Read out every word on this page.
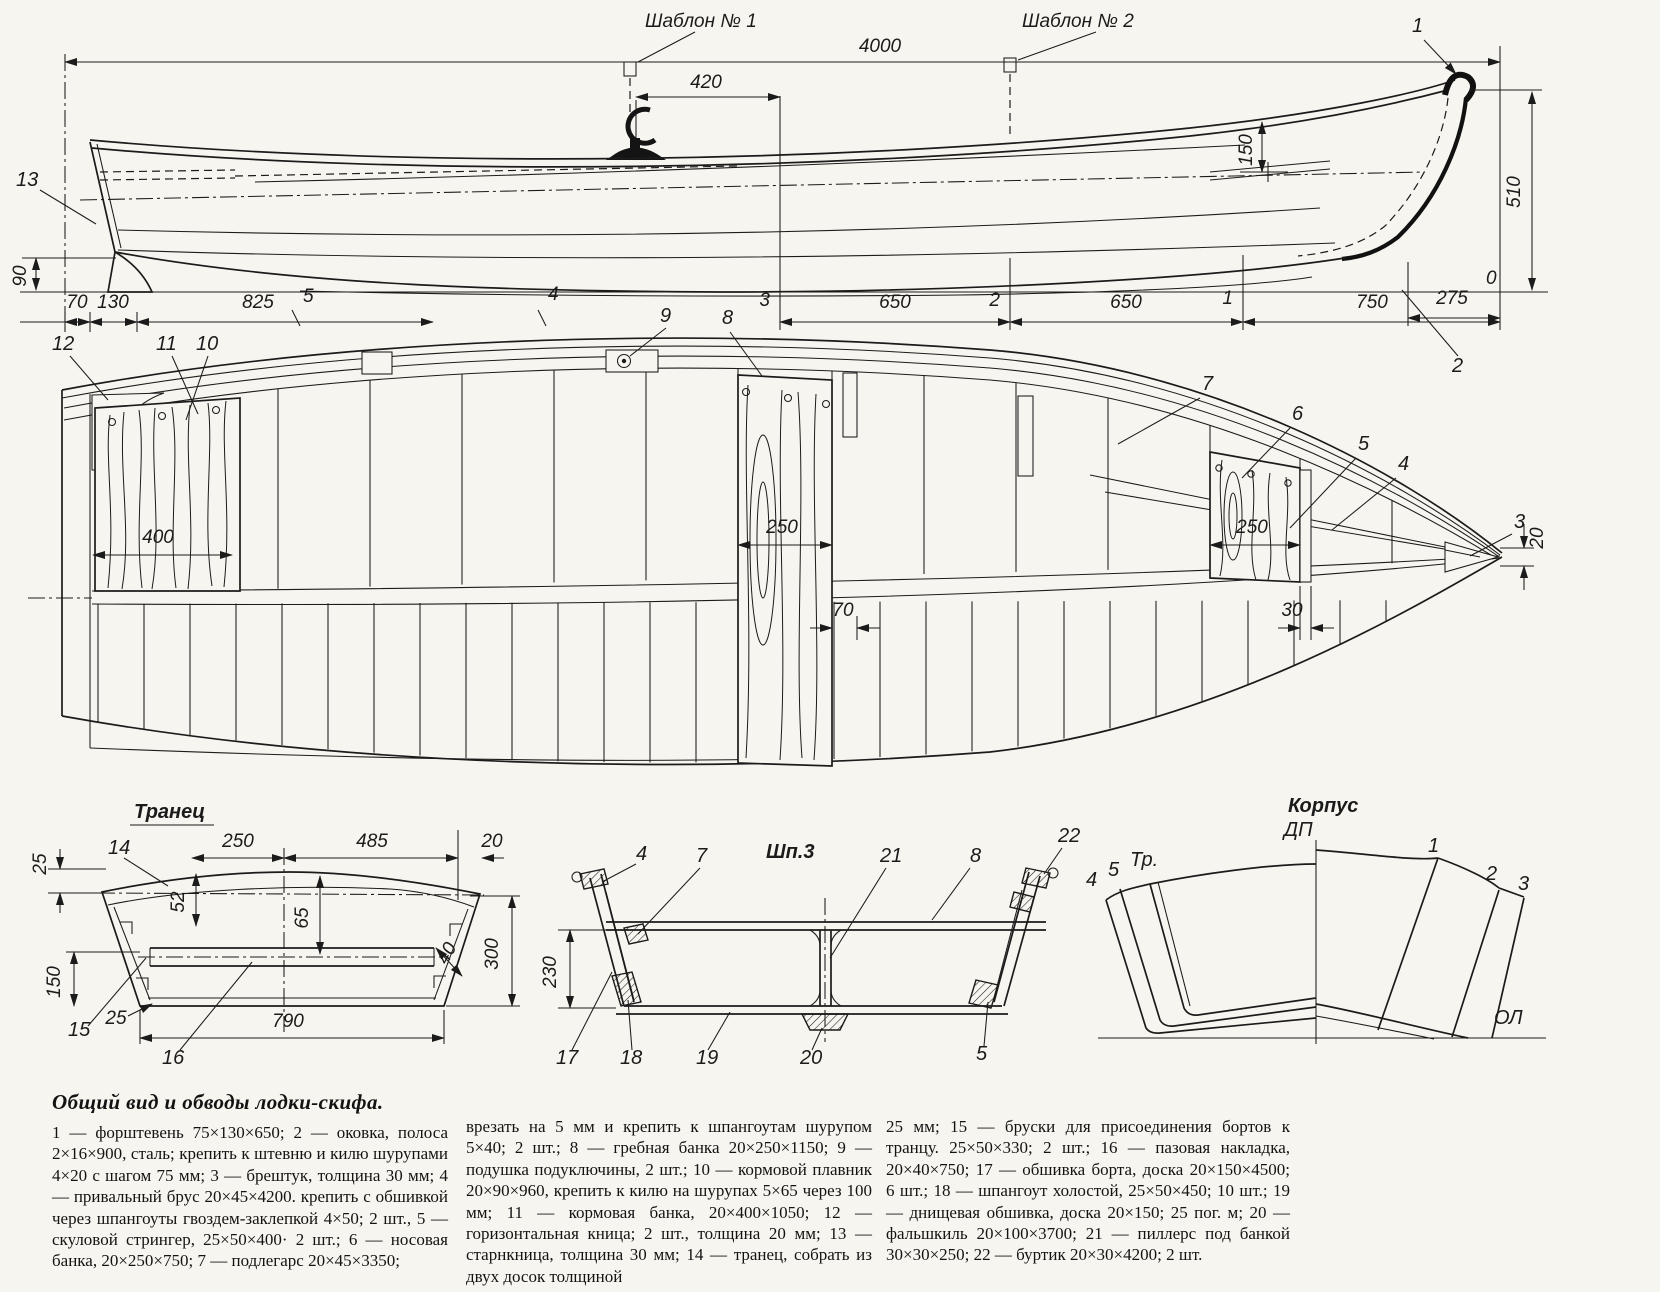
4000
Шаблон № 1	Шаблон № 2
420
0
150
510
90
70 130	825 5	4	650	650	750
3	2	1	275
13
1
2
400	250
70
250
30
20
12	11 10
9	8
7
6
5
4
3
Транец
25
250	485	20
52
65
150
300
40
25	790
14
15
16
Шп.3
230
4 7	21	8
22
17 18	19	20	5
Корпус
ДП
ОЛ
4 5 Тр.
1
2 3
Общий вид и обводы лодки-скифа.
1 — форштевень 75×130×650; 2 — оковка, полоса 2×16×900, сталь; крепить к штевню и килю шурупами 4×20 с шагом 75 мм; 3 — брештук, толщина 30 мм; 4 — привальный брус 20×45×4200. крепить с обшивкой через шпангоуты гвоздем-заклепкой 4×50; 2 шт., 5 — скуловой стрингер, 25×50×400· 2 шт.; 6 — носовая банка, 20×250×750; 7 — подлегарс 20×45×3350;
врезать на 5 мм и крепить к шпангоутам шурупом 5×40; 2 шт.; 8 — гребная банка 20×250×1150; 9 — подушка подуключины, 2 шт.; 10 — кормовой плавник 20×90×960, крепить к килю на шурупах 5×65 через 100 мм; 11 — кормовая банка, 20×400×1050; 12 — горизонтальная кница; 2 шт., толщина 20 мм; 13 — старнкница, толщина 30 мм; 14 — транец, собрать из двух досок толщиной
25 мм; 15 — бруски для присоединения бортов к транцу. 25×50×330; 2 шт.; 16 — пазовая накладка, 20×40×750; 17 — обшивка борта, доска 20×150×4500; 6 шт.; 18 — шпангоут холостой, 25×50×450; 10 шт.; 19 — днищевая обшивка, доска 20×150; 25 пог. м; 20 — фальшкиль 20×100×3700; 21 — пиллерс под банкой 30×30×250; 22 — буртик 20×30×4200; 2 шт.
